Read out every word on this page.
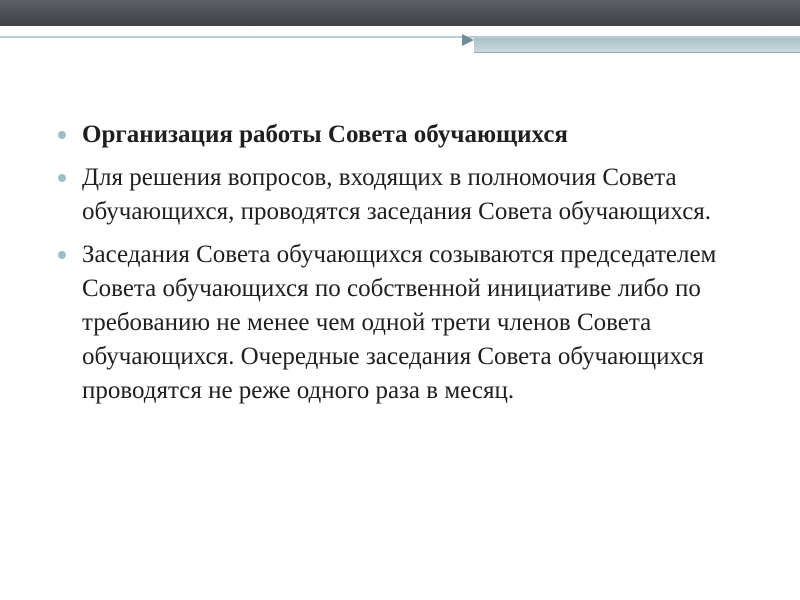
Организация работы Совета обучающихся
Для решения вопросов, входящих в полномочия Совета обучающихся, проводятся заседания Совета обучающихся.
Заседания Совета обучающихся созываются председателем Совета обучающихся по собственной инициативе либо по требованию не менее чем одной трети членов Совета обучающихся. Очередные заседания Совета обучающихся проводятся не реже одного раза в месяц.
